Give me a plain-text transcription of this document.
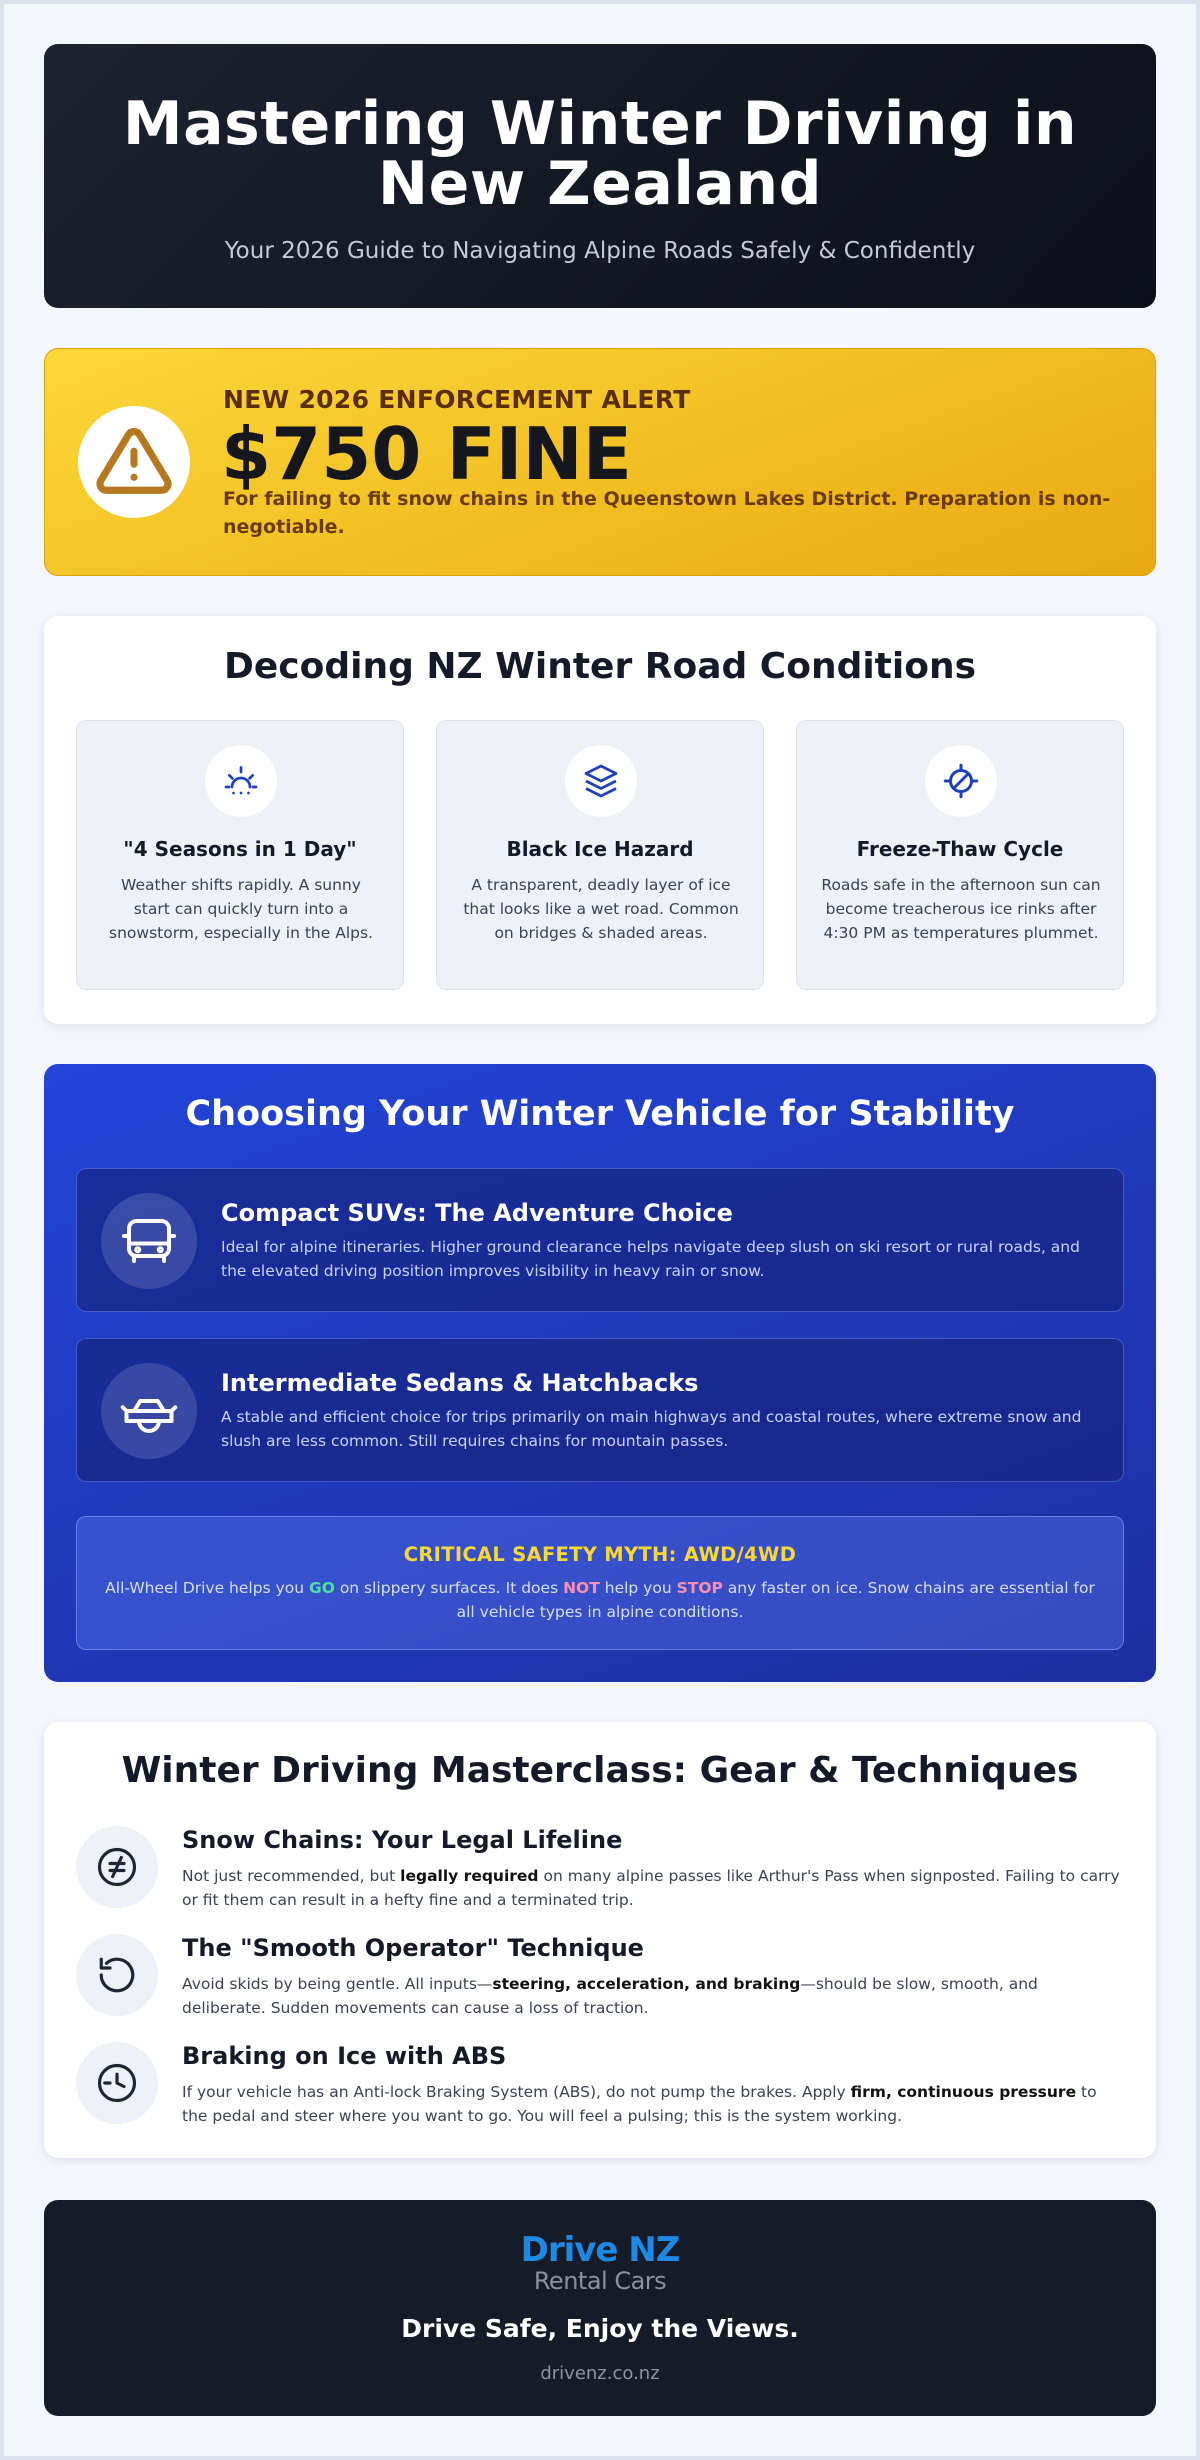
Mastering Winter Driving in
New Zealand

Your 2026 Guide to Navigating Alpine Roads Safely & Confidently

NEW 2026 ENFORCEMENT ALERT
$750 FINE
For failing to fit snow chains in the Queenstown Lakes District. Preparation is non-negotiable.
Decoding NZ Winter Road Conditions
"4 Seasons in 1 Day"

Weather shifts rapidly. A sunny start can quickly turn into a snowstorm, especially in the Alps.

Black Ice Hazard

A transparent, deadly layer of ice that looks like a wet road. Common on bridges & shaded areas.

Freeze-Thaw Cycle

Roads safe in the afternoon sun can become treacherous ice rinks after 4:30 PM as temperatures plummet.

Choosing Your Winter Vehicle for Stability
Compact SUVs: The Adventure Choice

Ideal for alpine itineraries. Higher ground clearance helps navigate deep slush on ski resort or rural roads, and the elevated driving position improves visibility in heavy rain or snow.

Intermediate Sedans & Hatchbacks

A stable and efficient choice for trips primarily on main highways and coastal routes, where extreme snow and slush are less common. Still requires chains for mountain passes.

CRITICAL SAFETY MYTH: AWD/4WD

All-Wheel Drive helps you GO on slippery surfaces. It does NOT help you STOP any faster on ice. Snow chains are essential for all vehicle types in alpine conditions.

Winter Driving Masterclass: Gear & Techniques
Snow Chains: Your Legal Lifeline

Not just recommended, but legally required on many alpine passes like Arthur's Pass when signposted. Failing to carry or fit them can result in a hefty fine and a terminated trip.

The "Smooth Operator" Technique

Avoid skids by being gentle. All inputs—steering, acceleration, and braking—should be slow, smooth, and deliberate. Sudden movements can cause a loss of traction.

Braking on Ice with ABS

If your vehicle has an Anti-lock Braking System (ABS), do not pump the brakes. Apply firm, continuous pressure to the pedal and steer where you want to go. You will feel a pulsing; this is the system working.

Drive NZ
Rental Cars
Drive Safe, Enjoy the Views.
drivenz.co.nz
